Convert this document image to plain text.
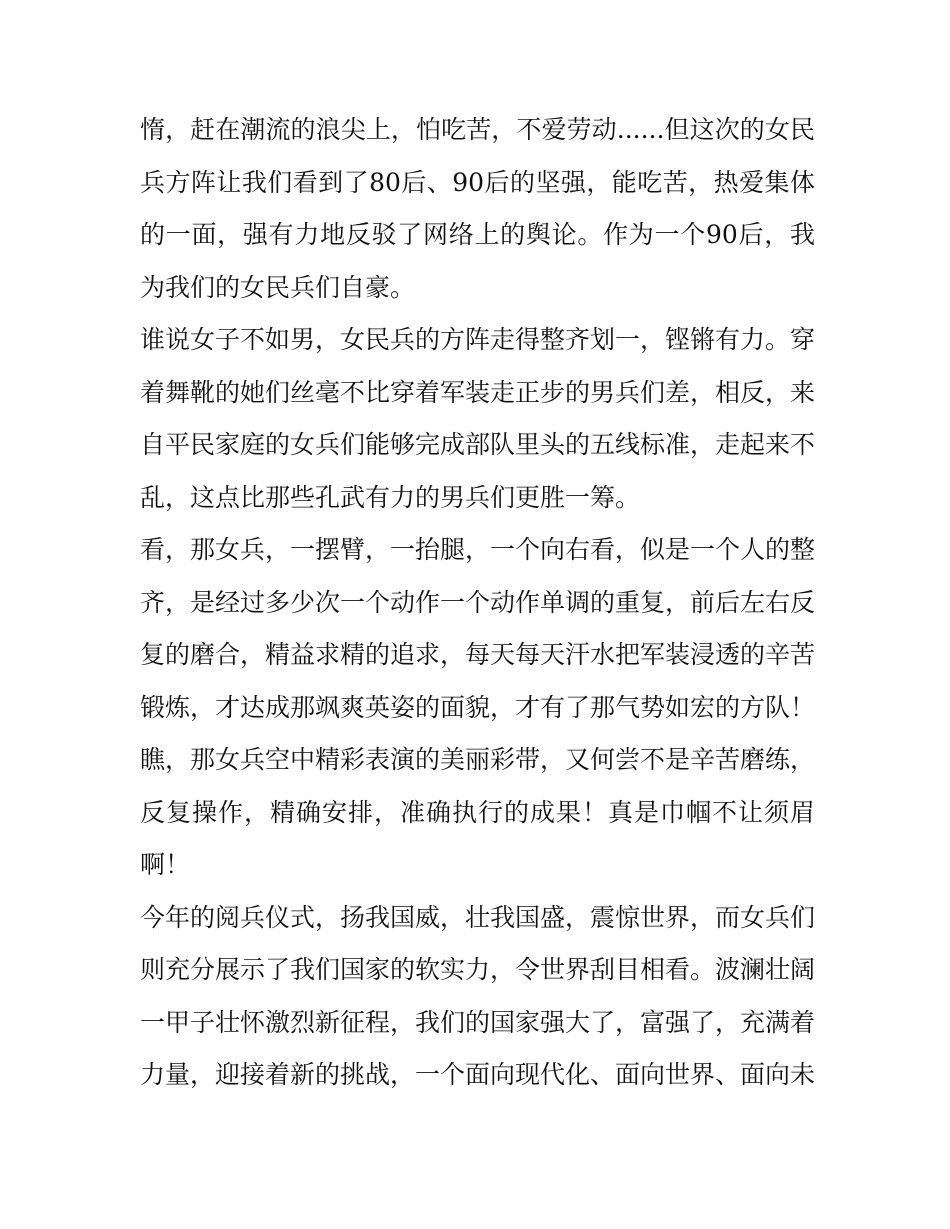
惰，赶在潮流的浪尖上，怕吃苦，不爱劳动......但这次的女民
兵方阵让我们看到了80后、90后的坚强，能吃苦，热爱集体
的一面，强有力地反驳了网络上的舆论。作为一个90后，我
为我们的女民兵们自豪。
谁说女子不如男，女民兵的方阵走得整齐划一，铿锵有力。穿
着舞靴的她们丝毫不比穿着军装走正步的男兵们差，相反，来
自平民家庭的女兵们能够完成部队里头的五线标准，走起来不
乱，这点比那些孔武有力的男兵们更胜一筹。
看，那女兵，一摆臂，一抬腿，一个向右看，似是一个人的整
齐，是经过多少次一个动作一个动作单调的重复，前后左右反
复的磨合，精益求精的追求，每天每天汗水把军装浸透的辛苦
锻炼，才达成那飒爽英姿的面貌，才有了那气势如宏的方队！
瞧，那女兵空中精彩表演的美丽彩带，又何尝不是辛苦磨练，
反复操作，精确安排，准确执行的成果！真是巾帼不让须眉
啊！
今年的阅兵仪式，扬我国威，壮我国盛，震惊世界，而女兵们
则充分展示了我们国家的软实力，令世界刮目相看。波澜壮阔
一甲子壮怀激烈新征程，我们的国家强大了，富强了，充满着
力量，迎接着新的挑战，一个面向现代化、面向世界、面向未
